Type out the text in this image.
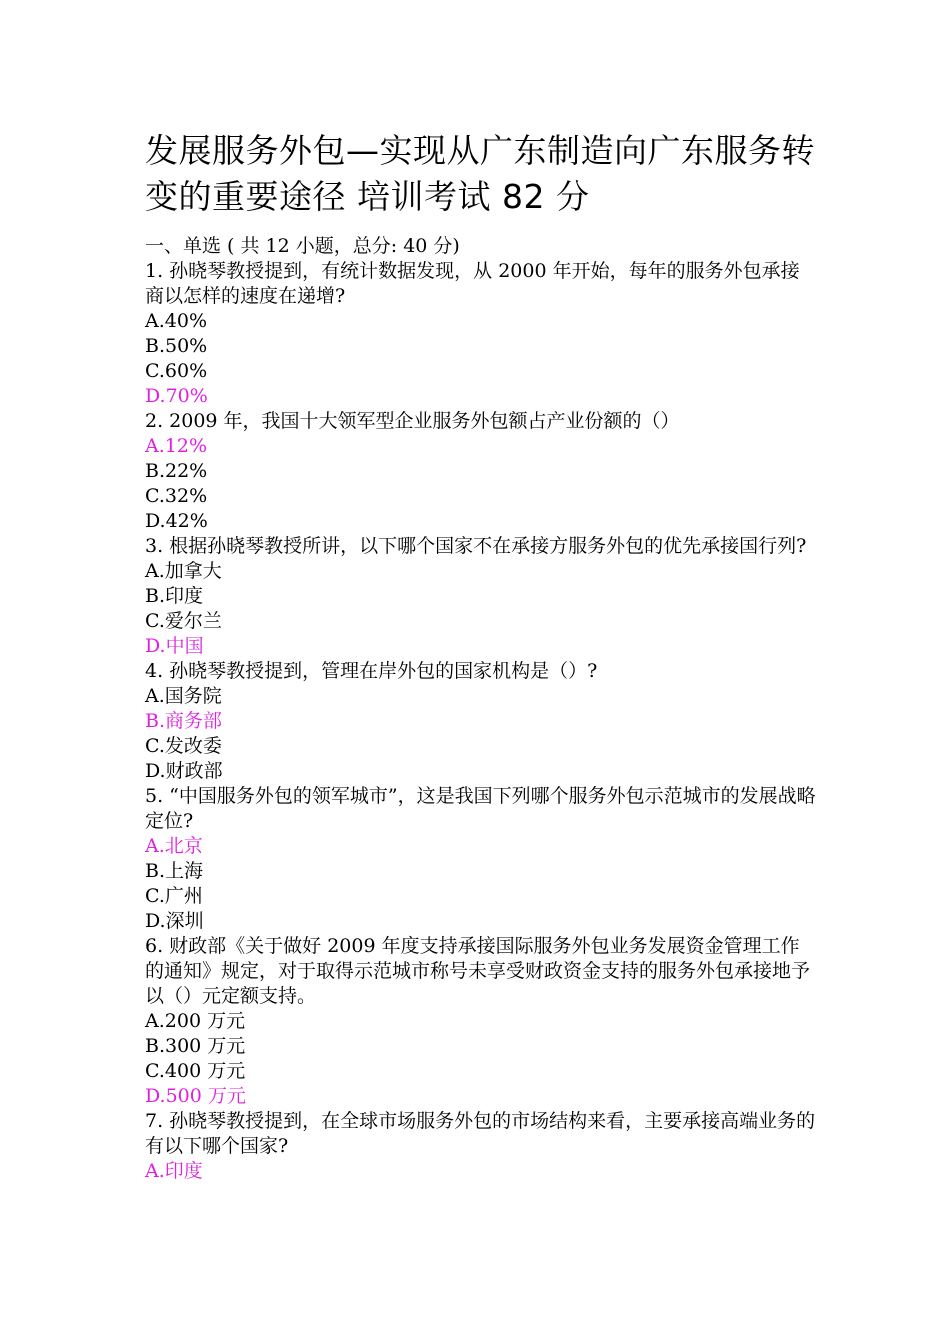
发展服务外包—实现从广东制造向广东服务转变的重要途径 培训考试 82 分
一、单选 ( 共 12 小题，总分: 40 分)
1. 孙晓琴教授提到，有统计数据发现，从 2000 年开始，每年的服务外包承接商以怎样的速度在递增?
A.40%
B.50%
C.60%
D.70%
2. 2009 年，我国十大领军型企业服务外包额占产业份额的（）
A.12%
B.22%
C.32%
D.42%
3. 根据孙晓琴教授所讲，以下哪个国家不在承接方服务外包的优先承接国行列?
A.加拿大
B.印度
C.爱尔兰
D.中国
4. 孙晓琴教授提到，管理在岸外包的国家机构是（）?
A.国务院
B.商务部
C.发改委
D.财政部
5. “中国服务外包的领军城市”，这是我国下列哪个服务外包示范城市的发展战略定位?
A.北京
B.上海
C.广州
D.深圳
6. 财政部《关于做好 2009 年度支持承接国际服务外包业务发展资金管理工作的通知》规定，对于取得示范城市称号未享受财政资金支持的服务外包承接地予以（）元定额支持。
A.200 万元
B.300 万元
C.400 万元
D.500 万元
7. 孙晓琴教授提到，在全球市场服务外包的市场结构来看，主要承接高端业务的有以下哪个国家?
A.印度
